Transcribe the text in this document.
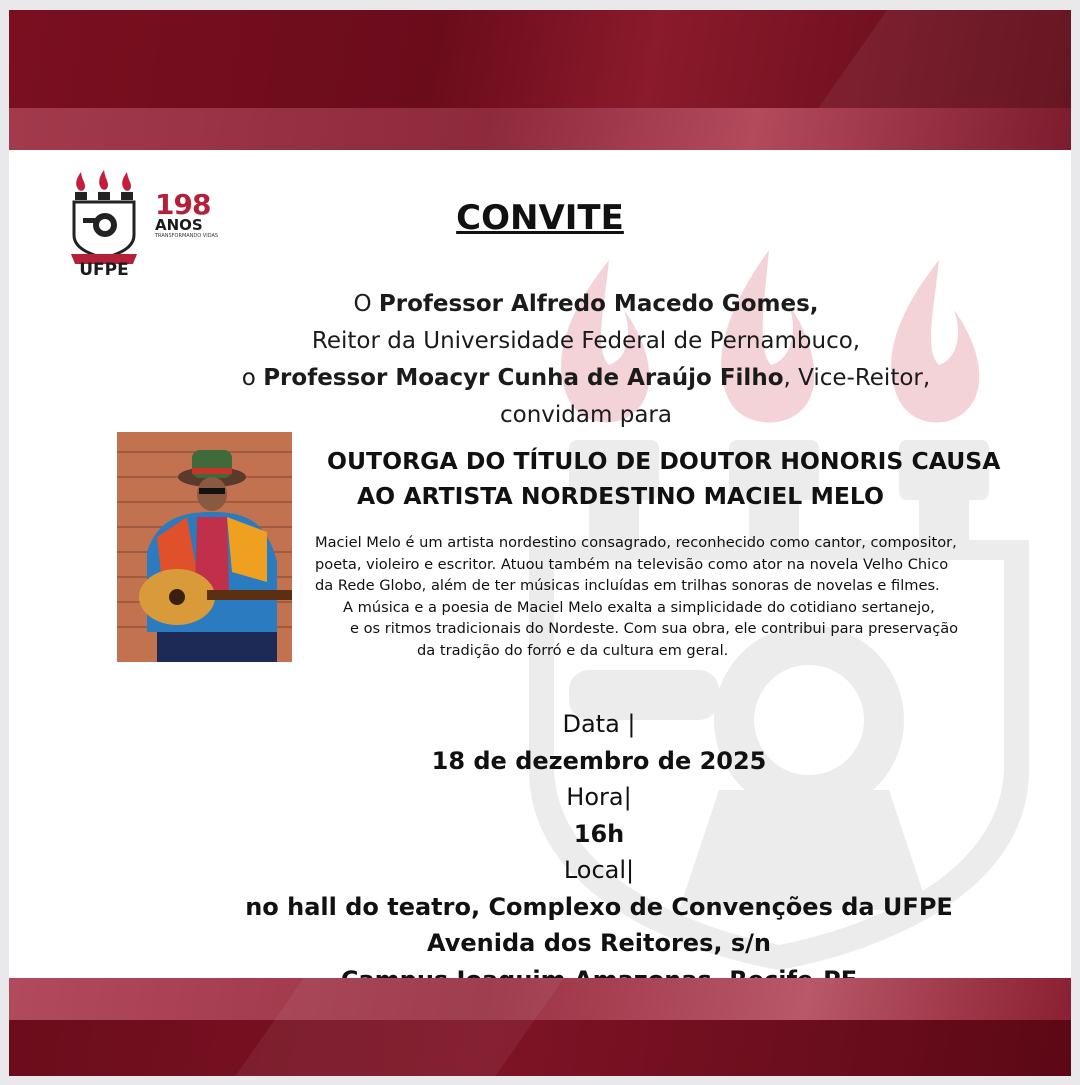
UFPE
198
ANOS
TRANSFORMANDO VIDAS	CONVITE
O Professor Alfredo Macedo Gomes,
Reitor da Universidade Federal de Pernambuco,
o Professor Moacyr Cunha de Araújo Filho, Vice-Reitor,
convidam para
OUTORGA DO TÍTULO DE DOUTOR HONORIS CAUSA
AO ARTISTA NORDESTINO MACIEL MELO
Maciel Melo é um artista nordestino consagrado, reconhecido como cantor, compositor,
poeta, violeiro e escritor. Atuou também na televisão como ator na novela Velho Chico
da Rede Globo, além de ter músicas incluídas em trilhas sonoras de novelas e filmes.
A música e a poesia de Maciel Melo exalta a simplicidade do cotidiano sertanejo,
e os ritmos tradicionais do Nordeste. Com sua obra, ele contribui para preservação
da tradição do forró e da cultura em geral.
Data |
18 de dezembro de 2025
Hora|
16h
Local|
no hall do teatro, Complexo de Convenções da UFPE
Avenida dos Reitores, s/n
